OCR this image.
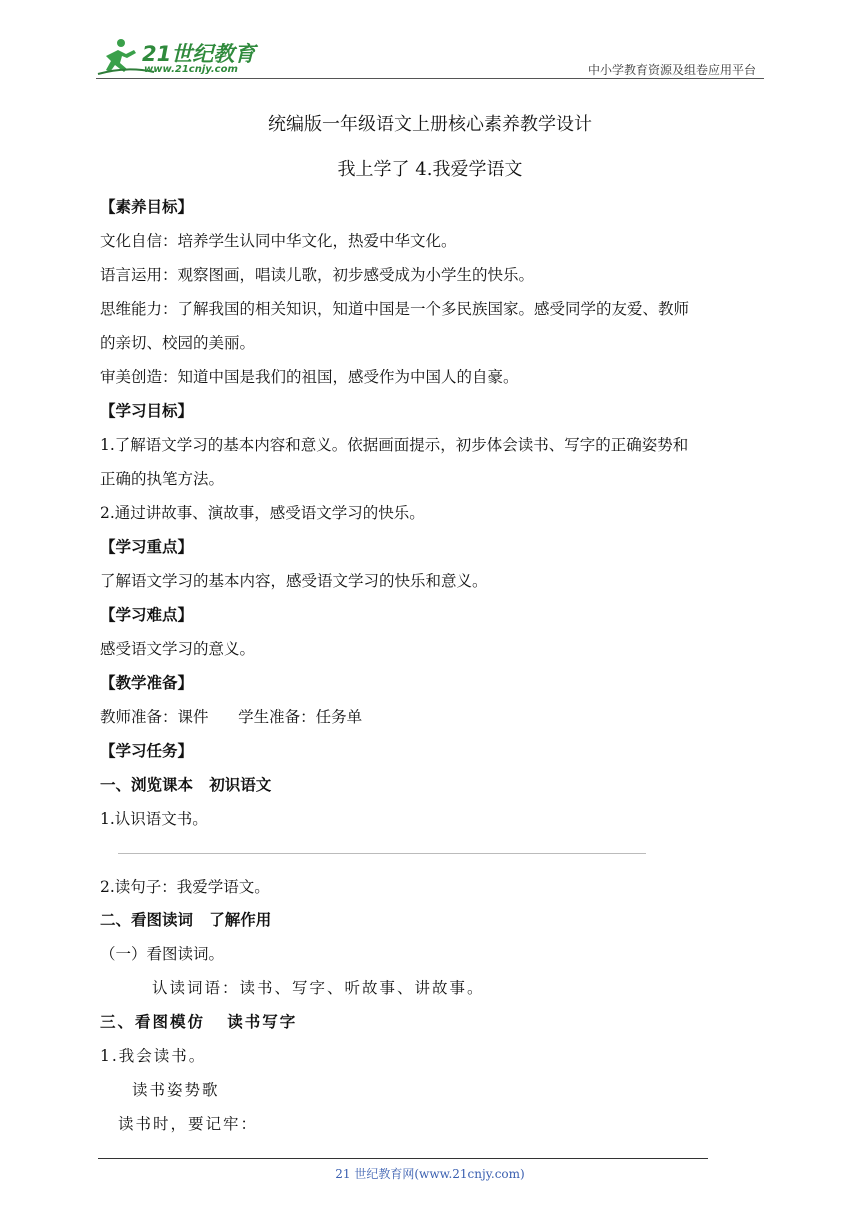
21世纪教育
www.21cnjy.com	中小学教育资源及组卷应用平台
统编版一年级语文上册核心素养教学设计
我上学了 4.我爱学语文
【素养目标】
文化自信：培养学生认同中华文化，热爱中华文化。
语言运用：观察图画，唱读儿歌，初步感受成为小学生的快乐。
思维能力：了解我国的相关知识，知道中国是一个多民族国家。感受同学的友爱、教师
的亲切、校园的美丽。
审美创造：知道中国是我们的祖国，感受作为中国人的自豪。
【学习目标】
1.了解语文学习的基本内容和意义。依据画面提示，初步体会读书、写字的正确姿势和
正确的执笔方法。
2.通过讲故事、演故事，感受语文学习的快乐。
【学习重点】
了解语文学习的基本内容，感受语文学习的快乐和意义。
【学习难点】
感受语文学习的意义。
【教学准备】
教师准备：课件      学生准备：任务单
【学习任务】
一、浏览课本   初识语文
1.认识语文书。
2.读句子：我爱学语文。
二、看图读词   了解作用
（一）看图读词。
认读词语：读书、写字、听故事、讲故事。
三、看图模仿   读书写字
1.我会读书。
读书姿势歌
读书时，要记牢：
21 世纪教育网(www.21cnjy.com)
